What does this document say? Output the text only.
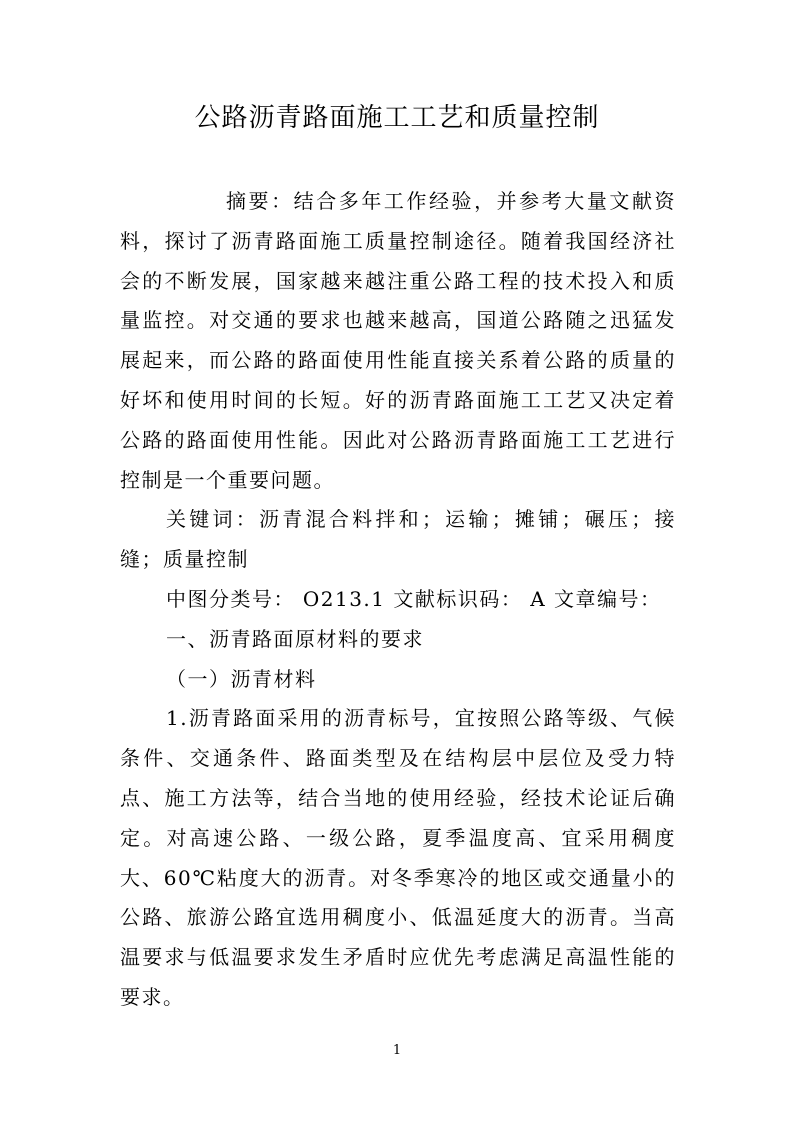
公路沥青路面施工工艺和质量控制

摘要：结合多年工作经验，并参考大量文献资料，探讨了沥青路面施工质量控制途径。随着我国经济社会的不断发展，国家越来越注重公路工程的技术投入和质量监控。对交通的要求也越来越高，国道公路随之迅猛发展起来，而公路的路面使用性能直接关系着公路的质量的好坏和使用时间的长短。好的沥青路面施工工艺又决定着公路的路面使用性能。因此对公路沥青路面施工工艺进行控制是一个重要问题。

关键词：沥青混合料拌和；运输；摊铺；碾压；接缝；质量控制

中图分类号： O213.1 文献标识码： A 文章编号：

一、沥青路面原材料的要求

（一）沥青材料

1.沥青路面采用的沥青标号，宜按照公路等级、气候条件、交通条件、路面类型及在结构层中层位及受力特点、施工方法等，结合当地的使用经验，经技术论证后确定。对高速公路、一级公路，夏季温度高、宜采用稠度大、60℃粘度大的沥青。对冬季寒冷的地区或交通量小的公路、旅游公路宜选用稠度小、低温延度大的沥青。当高温要求与低温要求发生矛盾时应优先考虑满足高温性能的要求。

1
